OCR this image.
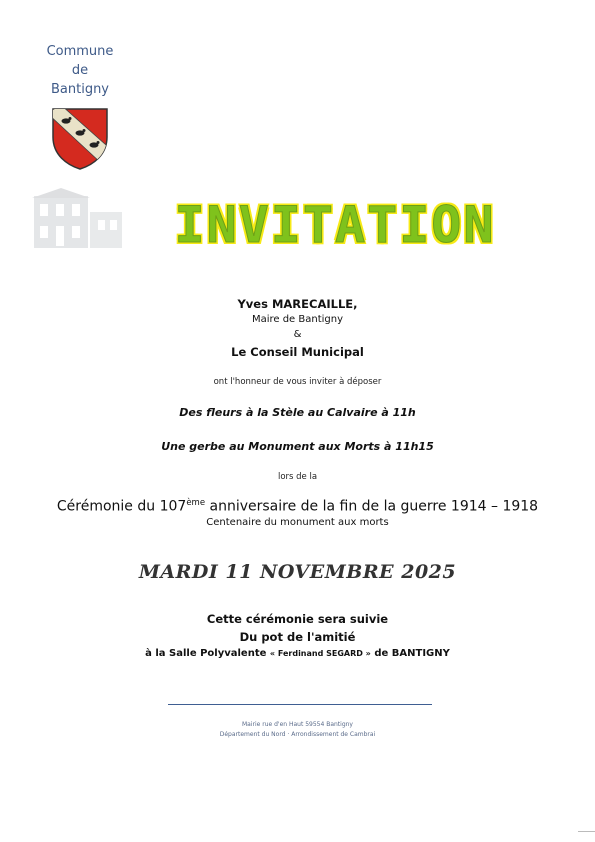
Commune
de
Bantigny
INVITATION
Yves MARECAILLE,
Maire de Bantigny
&
Le Conseil Municipal
ont l'honneur de vous inviter à déposer
Des fleurs à la Stèle au Calvaire à 11h
Une gerbe au Monument aux Morts à 11h15
lors de la
Cérémonie du 107ème anniversaire de la fin de la guerre 1914 – 1918
Centenaire du monument aux morts
MARDI 11 NOVEMBRE 2025
Cette cérémonie sera suivie
Du pot de l'amitié
à la Salle Polyvalente « Ferdinand SEGARD » de BANTIGNY
Mairie rue d'en Haut 59554 Bantigny
Département du Nord · Arrondissement de Cambrai
